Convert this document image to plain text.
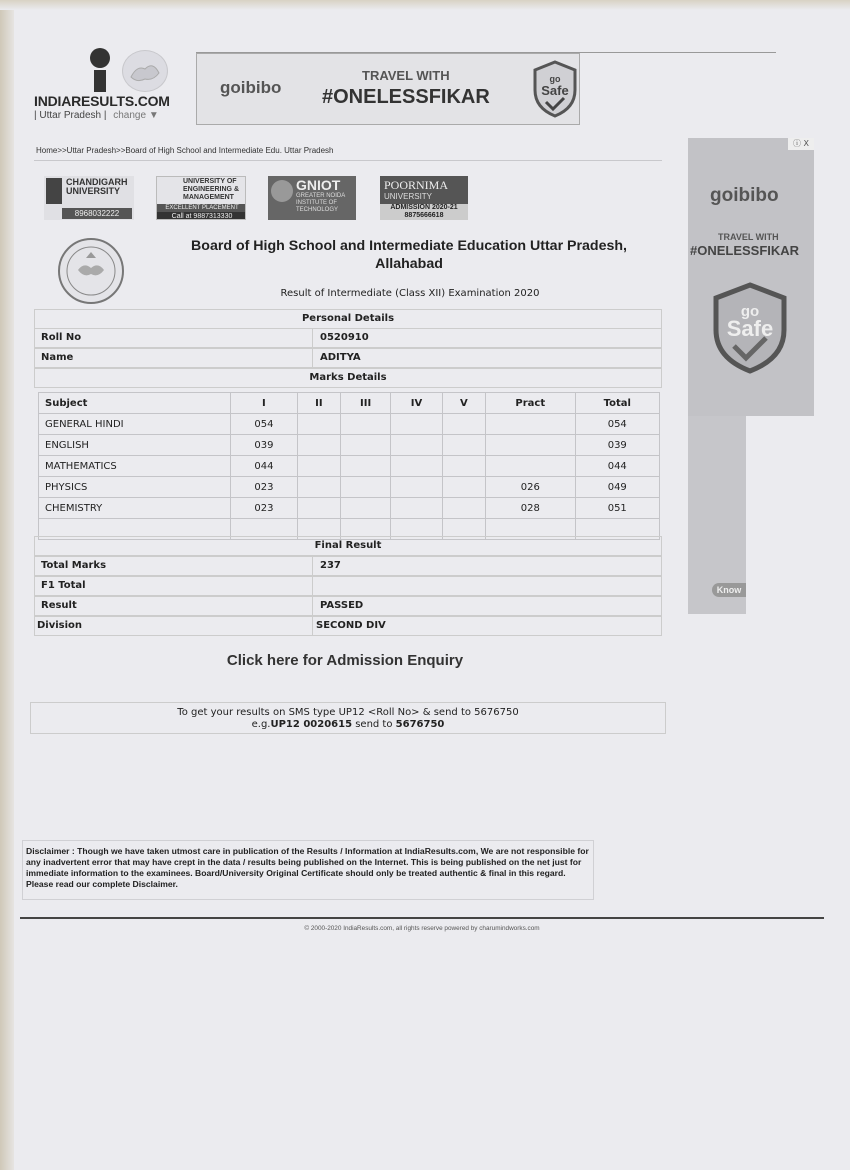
INDIARESULTS.COM
| Uttar Pradesh | change ▼
goibibo
TRAVEL WITH
#ONELESSFIKAR
go
Safe
Home>>Uttar Pradesh>>Board of High School and Intermediate Edu. Uttar Pradesh
CHANDIGARH UNIVERSITY
8968032222
UNIVERSITY OF ENGINEERING & MANAGEMENT
EXCELLENT PLACEMENT
Call at 9887313330
GNIOT
GREATER NOIDA INSTITUTE OF TECHNOLOGY
POORNIMA
UNIVERSITY
ADMISSION 2020-21 8875666618
Board of High School and Intermediate Education Uttar Pradesh, Allahabad
Result of Intermediate (Class XII) Examination 2020
Personal Details
Roll No	0520910
Name	ADITYA
Marks Details
Subject	I	II	III	IV	V	Pract	Total
GENERAL HINDI	054						054
ENGLISH	039						039
MATHEMATICS	044						044
PHYSICS	023					026	049
CHEMISTRY	023					028	051

Final Result
Total Marks	237
F1 Total
Result	PASSED
Division	SECOND DIV
Click here for Admission Enquiry
To get your results on SMS type UP12 <Roll No> & send to 5676750
e.g.UP12 0020615 send to 5676750
Disclaimer : Though we have taken utmost care in publication of the Results / Information at IndiaResults.com, We are not responsible for any inadvertent error that may have crept in the data / results being published on the Internet. This is being published on the net just for immediate information to the examinees. Board/University Original Certificate should only be treated authentic & final in this regard. Please read our complete Disclaimer.
© 2000-2020 IndiaResults.com, all rights reserve powered by charumindworks.com
ⓘ X
goibibo
TRAVEL WITH
#ONELESSFIKAR
go
Safe
Know
